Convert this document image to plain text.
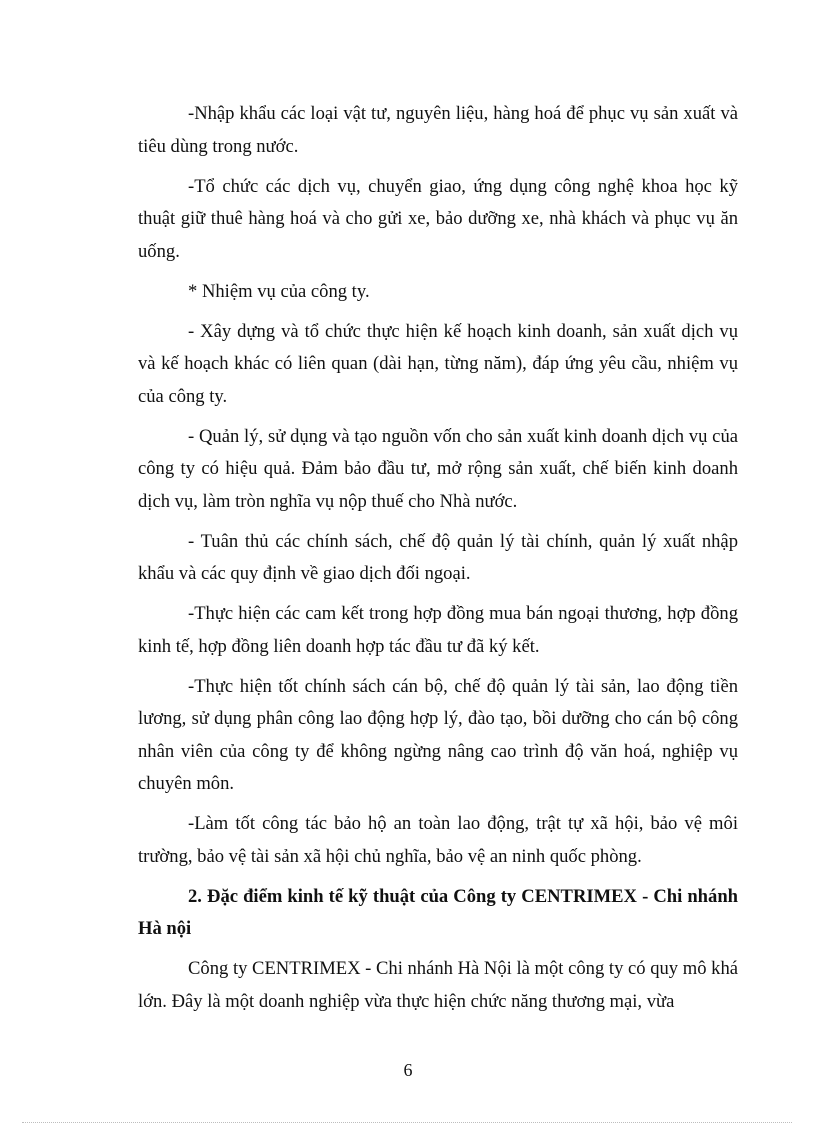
-Nhập khẩu các loại vật tư, nguyên liệu, hàng hoá để phục vụ sản xuất và tiêu dùng trong nước.

-Tổ chức các dịch vụ, chuyển giao, ứng dụng công nghệ khoa học kỹ thuật giữ thuê hàng hoá và cho gửi xe, bảo dưỡng xe, nhà khách và phục vụ ăn uống.

* Nhiệm vụ của công ty.

- Xây dựng và tổ chức thực hiện kế hoạch kinh doanh, sản xuất dịch vụ và kế hoạch khác có liên quan (dài hạn, từng năm), đáp ứng yêu cầu, nhiệm vụ của công ty.

- Quản lý, sử dụng và tạo nguồn vốn cho sản xuất kinh doanh dịch vụ của công ty có hiệu quả. Đảm bảo đầu tư, mở rộng sản xuất, chế biến kinh doanh dịch vụ, làm tròn nghĩa vụ nộp thuế cho Nhà nước.

- Tuân thủ các chính sách, chế độ quản lý tài chính, quản lý xuất nhập khẩu và các quy định về giao dịch đối ngoại.

-Thực hiện các cam kết trong hợp đồng mua bán ngoại thương, hợp đồng kinh tế, hợp đồng liên doanh hợp tác đầu tư đã ký kết.

-Thực hiện tốt chính sách cán bộ, chế độ quản lý tài sản, lao động tiền lương, sử dụng phân công lao động hợp lý, đào tạo, bồi dưỡng cho cán bộ công nhân viên của công ty để không ngừng nâng cao trình độ văn hoá, nghiệp vụ chuyên môn.

-Làm tốt công tác bảo hộ an toàn lao động, trật tự xã hội, bảo vệ môi trường, bảo vệ tài sản xã hội chủ nghĩa, bảo vệ an ninh quốc phòng.

2. Đặc điểm kinh tế kỹ thuật của Công ty CENTRIMEX - Chi nhánh Hà nội

Công ty CENTRIMEX - Chi nhánh Hà Nội là một công ty có quy mô khá lớn. Đây là một doanh nghiệp vừa thực hiện chức năng thương mại, vừa

6
